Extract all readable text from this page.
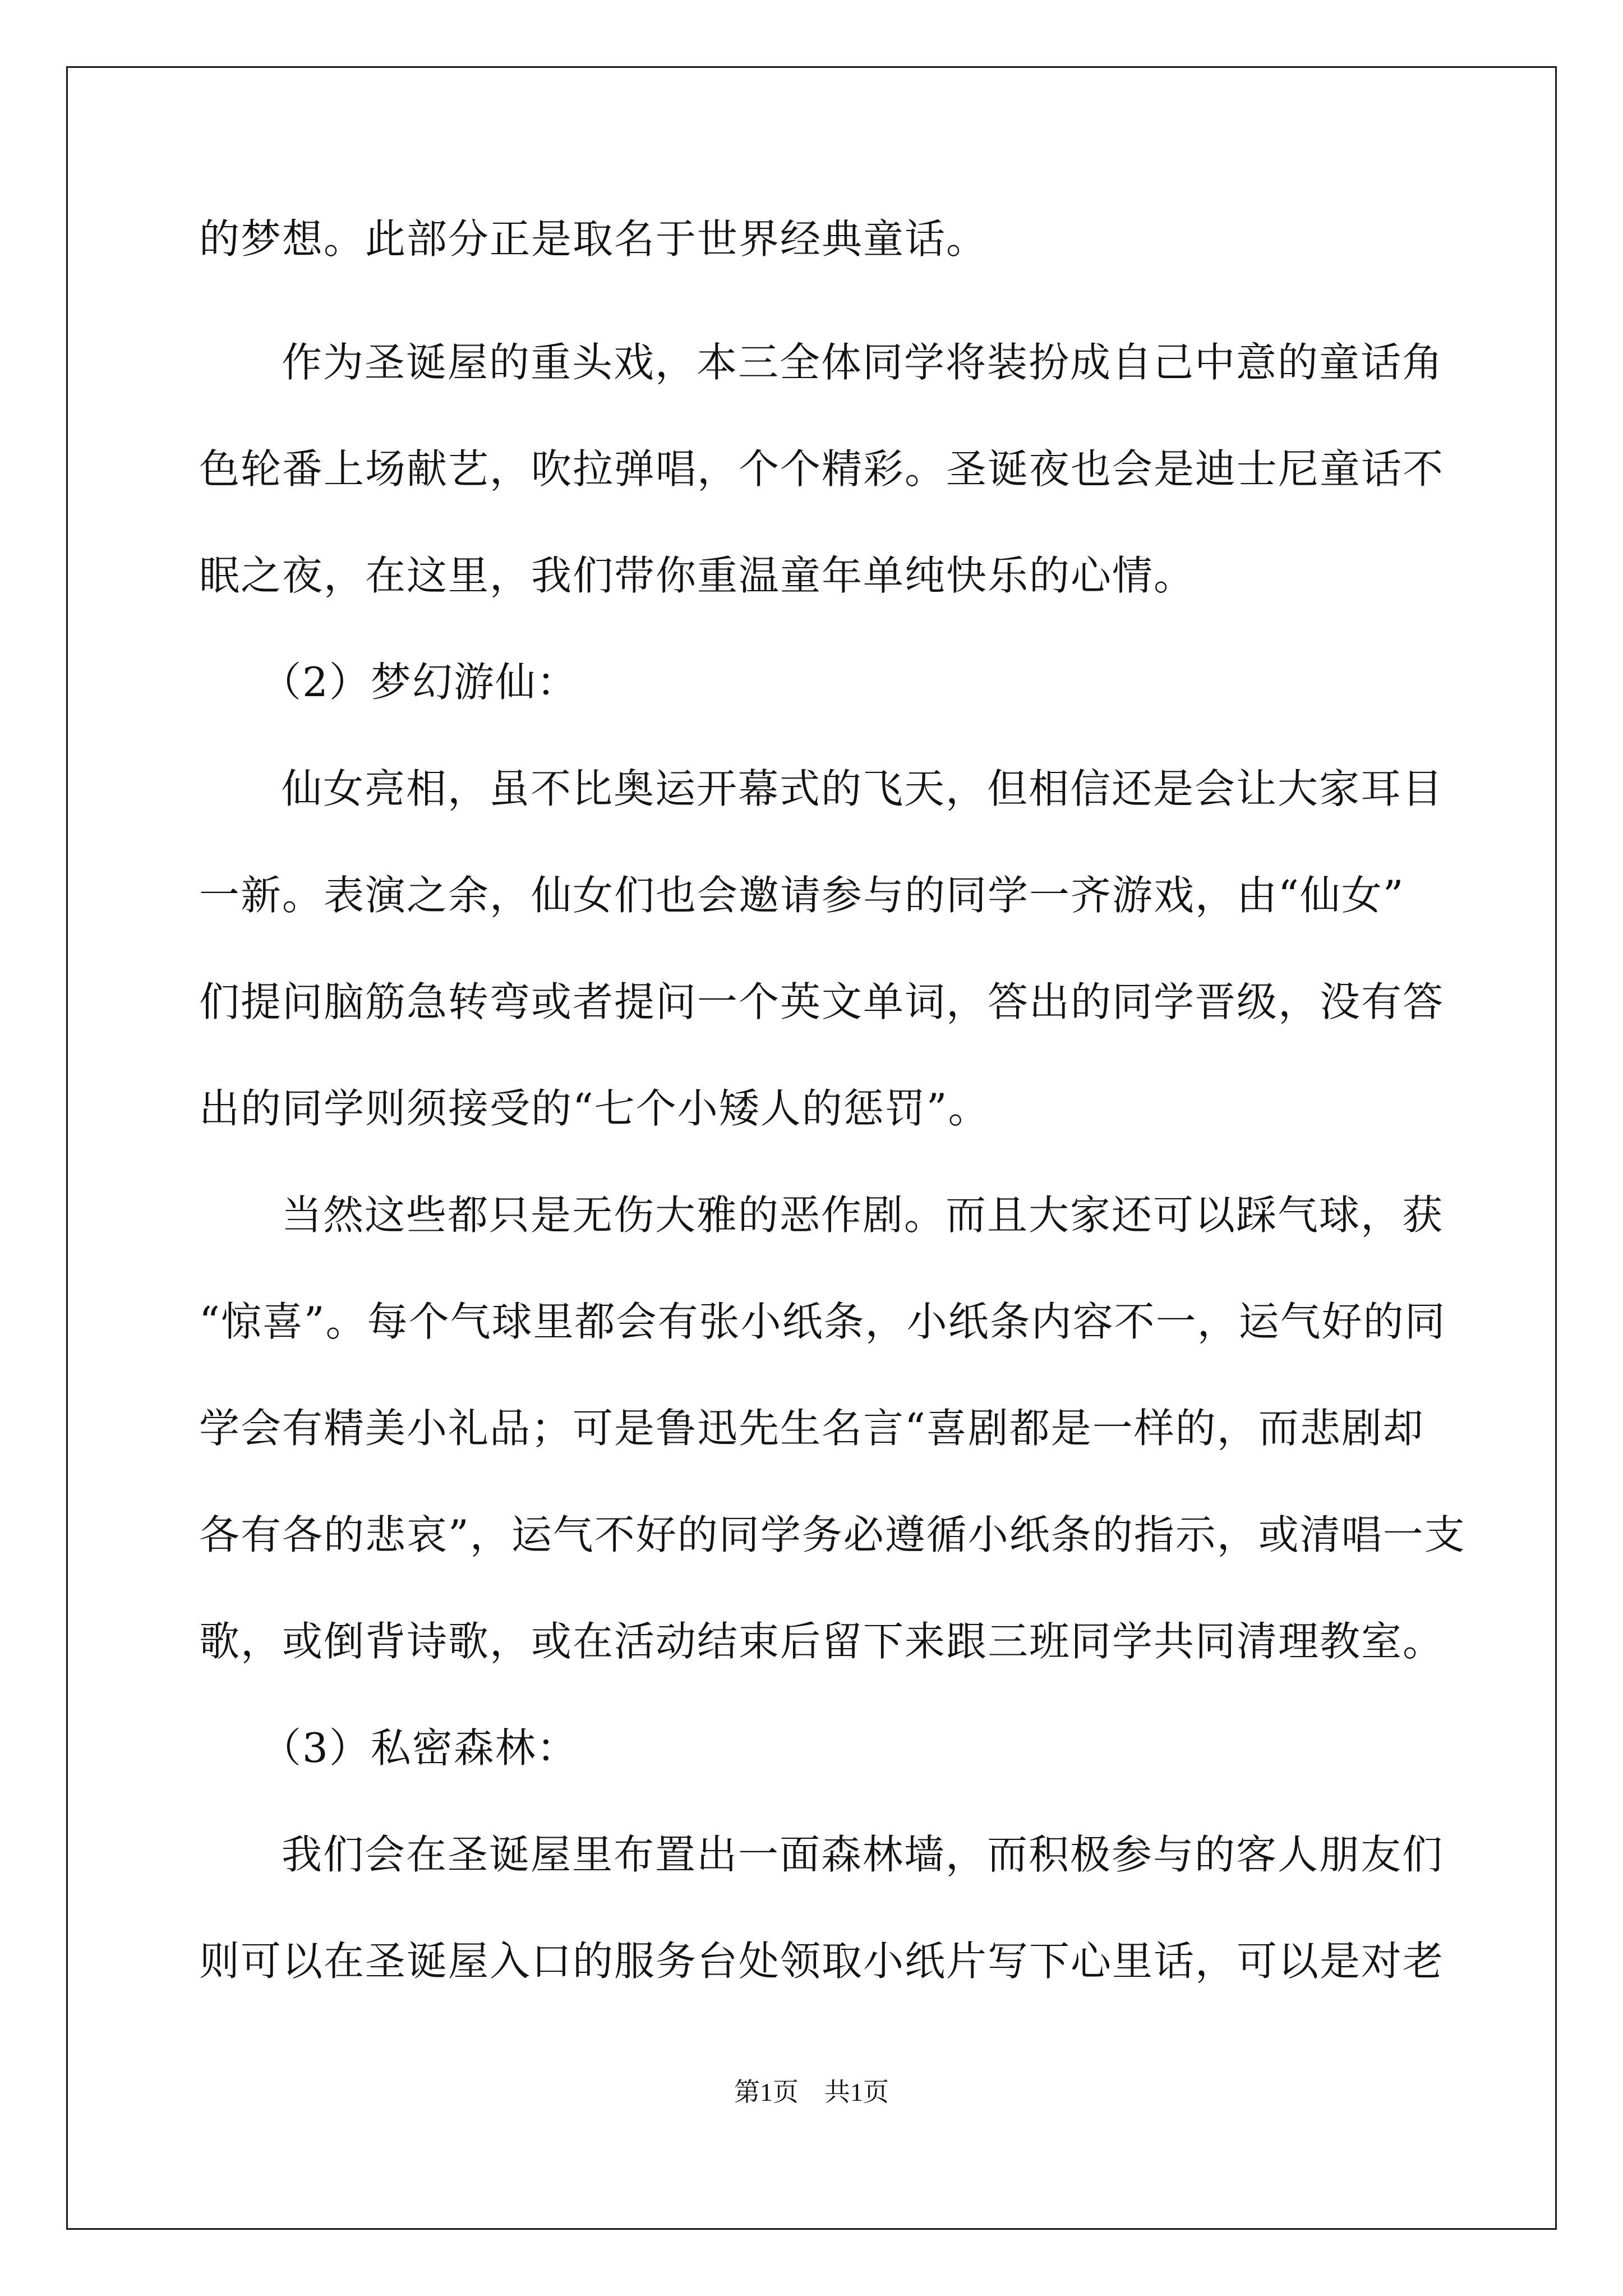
的梦想。此部分正是取名于世界经典童话。
作为圣诞屋的重头戏，本三全体同学将装扮成自己中意的童话角
色轮番上场献艺，吹拉弹唱，个个精彩。圣诞夜也会是迪士尼童话不
眠之夜，在这里，我们带你重温童年单纯快乐的心情。
（2）梦幻游仙：
仙女亮相，虽不比奥运开幕式的飞天，但相信还是会让大家耳目
一新。表演之余，仙女们也会邀请参与的同学一齐游戏，由“仙女”
们提问脑筋急转弯或者提问一个英文单词，答出的同学晋级，没有答
出的同学则须接受的“七个小矮人的惩罚”。
当然这些都只是无伤大雅的恶作剧。而且大家还可以踩气球，获
“惊喜”。每个气球里都会有张小纸条，小纸条内容不一，运气好的同
学会有精美小礼品；可是鲁迅先生名言“喜剧都是一样的，而悲剧却
各有各的悲哀”，运气不好的同学务必遵循小纸条的指示，或清唱一支
歌，或倒背诗歌，或在活动结束后留下来跟三班同学共同清理教室。
（3）私密森林：
我们会在圣诞屋里布置出一面森林墙，而积极参与的客人朋友们
则可以在圣诞屋入口的服务台处领取小纸片写下心里话，可以是对老
第1页　共1页
